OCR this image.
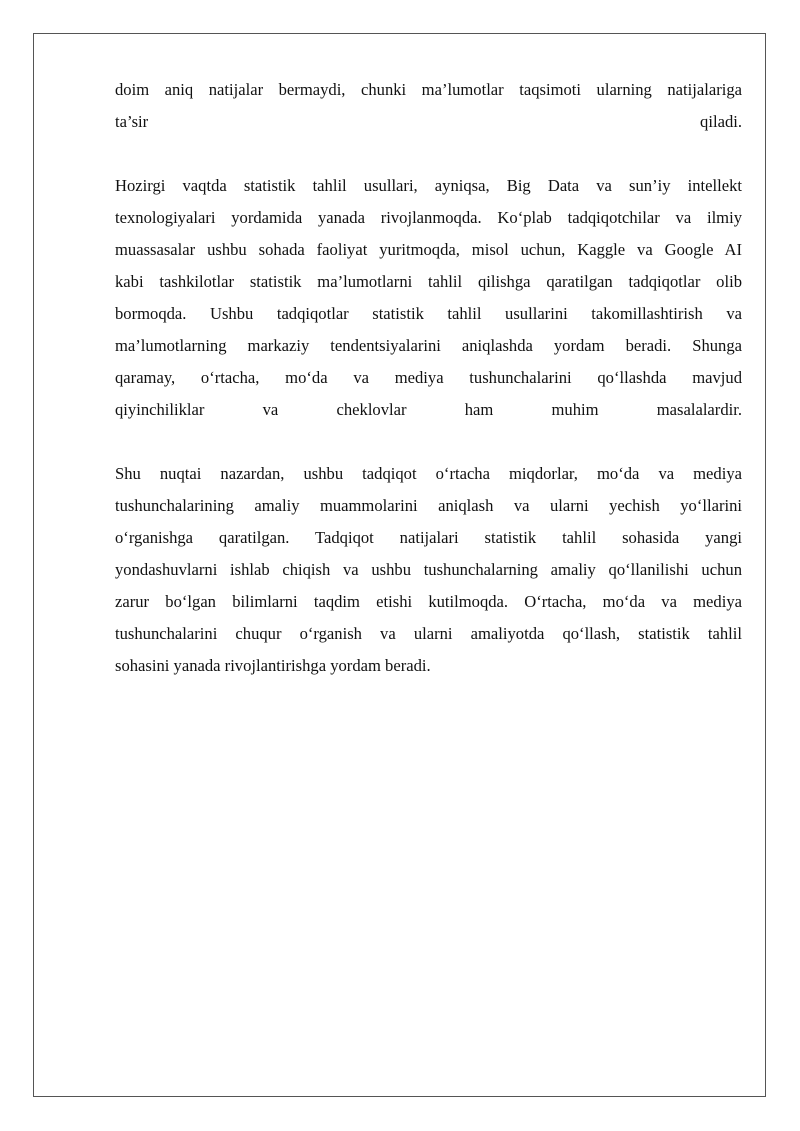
doim aniq natijalar bermaydi, chunki ma’lumotlar taqsimoti ularning natijalariga
ta’sir qiladi.
Hozirgi vaqtda statistik tahlil usullari, ayniqsa, Big Data va sun’iy intellekt
texnologiyalari yordamida yanada rivojlanmoqda. Ko‘plab tadqiqotchilar va ilmiy
muassasalar ushbu sohada faoliyat yuritmoqda, misol uchun, Kaggle va Google AI
kabi tashkilotlar statistik ma’lumotlarni tahlil qilishga qaratilgan tadqiqotlar olib
bormoqda. Ushbu tadqiqotlar statistik tahlil usullarini takomillashtirish va
ma’lumotlarning markaziy tendentsiyalarini aniqlashda yordam beradi. Shunga
qaramay, o‘rtacha, mo‘da va mediya tushunchalarini qo‘llashda mavjud
qiyinchiliklar va cheklovlar ham muhim masalalardir.
Shu nuqtai nazardan, ushbu tadqiqot o‘rtacha miqdorlar, mo‘da va mediya
tushunchalarining amaliy muammolarini aniqlash va ularni yechish yo‘llarini
o‘rganishga qaratilgan. Tadqiqot natijalari statistik tahlil sohasida yangi
yondashuvlarni ishlab chiqish va ushbu tushunchalarning amaliy qo‘llanilishi uchun
zarur bo‘lgan bilimlarni taqdim etishi kutilmoqda. O‘rtacha, mo‘da va mediya
tushunchalarini chuqur o‘rganish va ularni amaliyotda qo‘llash, statistik tahlil
sohasini yanada rivojlantirishga yordam beradi.
